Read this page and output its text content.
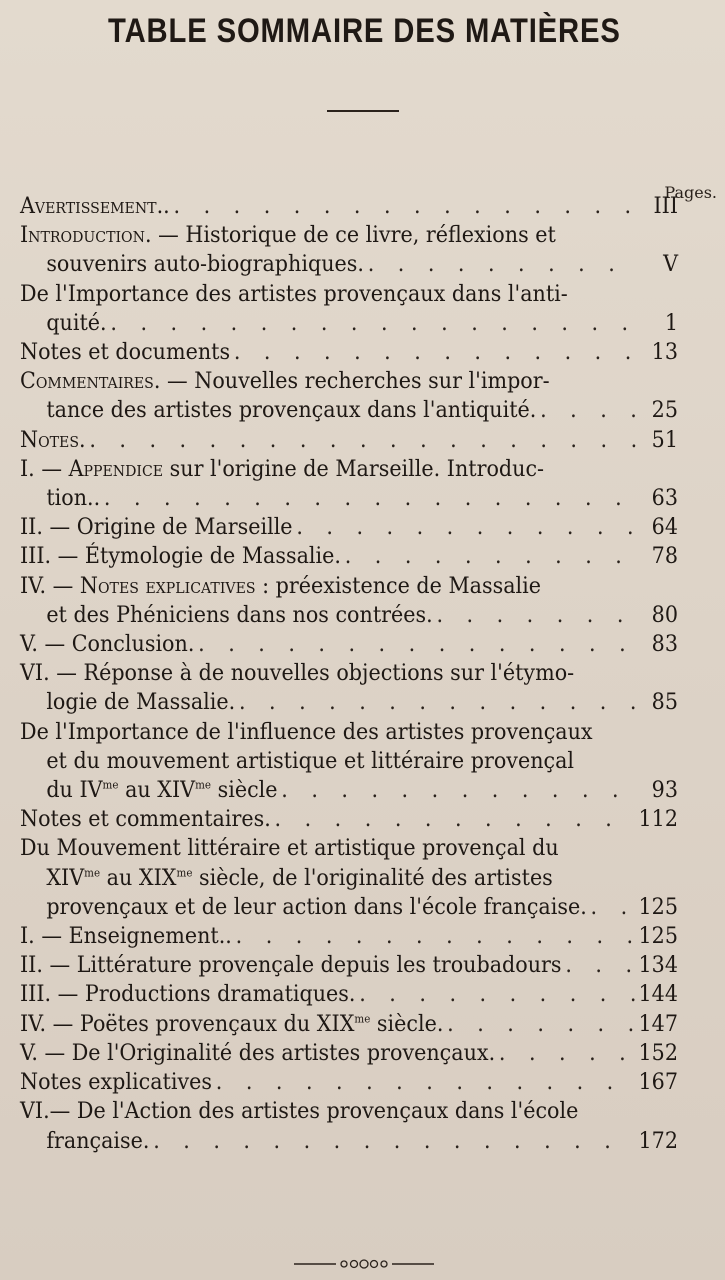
TABLE SOMMAIRE DES MATIÈRES
Pages.
Avertissement.. . . .	III
Introduction. — Historique de ce livre, réflexions et
souvenirs auto-biographiques. . . .	V
De l'Importance des artistes provençaux dans l'anti-
quité. . . .	1
Notes et documents . . .	13
Commentaires. — Nouvelles recherches sur l'impor-
tance des artistes provençaux dans l'antiquité. . . .	25
Notes. . . .	51
I. — Appendice sur l'origine de Marseille. Introduc-
tion.. . . .	63
II. — Origine de Marseille . . .	64
III. — Étymologie de Massalie. . . .	78
IV. — Notes explicatives : préexistence de Massalie
et des Phéniciens dans nos contrées. . . .	80
V. — Conclusion. . . .	83
VI. — Réponse à de nouvelles objections sur l'étymo-
logie de Massalie. . . .	85
De l'Importance de l'influence des artistes provençaux
et du mouvement artistique et littéraire provençal
du $IV^{me}$ au $XIV^{me}$ siècle . . .	93
Notes et commentaires. . . .	112
Du Mouvement littéraire et artistique provençal du
$XIV^{me}$ au $XIX^{me}$ siècle, de l'originalité des artistes
provençaux et de leur action dans l'école française. . . . 125
I. — Enseignement.. . . .	125
II. — Littérature provençale depuis les troubadours . . .	134
III. — Productions dramatiques. . . .	144
IV. — Poëtes provençaux du $XIX^{me}$ siècle. . . .	147
V. — De l'Originalité des artistes provençaux. . . .	152
Notes explicatives . . .	167
VI.— De l'Action des artistes provençaux dans l'école
française. . . .	172
